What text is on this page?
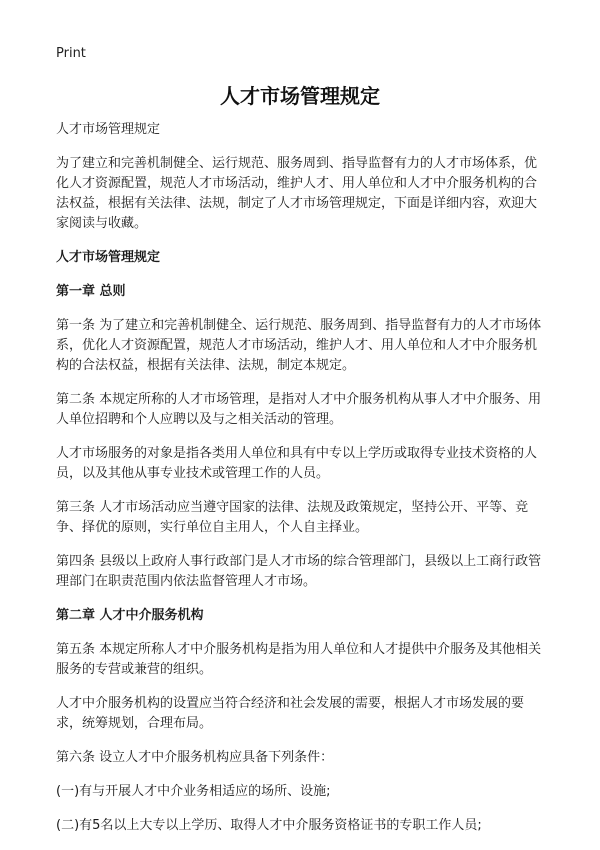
Print
人才市场管理规定

人才市场管理规定

为了建立和完善机制健全、运行规范、服务周到、指导监督有力的人才市场体系，优化人才资源配置，规范人才市场活动，维护人才、用人单位和人才中介服务机构的合法权益，根据有关法律、法规，制定了人才市场管理规定，下面是详细内容，欢迎大家阅读与收藏。

人才市场管理规定

第一章 总则

第一条 为了建立和完善机制健全、运行规范、服务周到、指导监督有力的人才市场体系，优化人才资源配置，规范人才市场活动，维护人才、用人单位和人才中介服务机构的合法权益，根据有关法律、法规，制定本规定。

第二条 本规定所称的人才市场管理，是指对人才中介服务机构从事人才中介服务、用人单位招聘和个人应聘以及与之相关活动的管理。

人才市场服务的对象是指各类用人单位和具有中专以上学历或取得专业技术资格的人员，以及其他从事专业技术或管理工作的人员。

第三条 人才市场活动应当遵守国家的法律、法规及政策规定，坚持公开、平等、竞争、择优的原则，实行单位自主用人，个人自主择业。

第四条 县级以上政府人事行政部门是人才市场的综合管理部门，县级以上工商行政管理部门在职责范围内依法监督管理人才市场。

第二章 人才中介服务机构

第五条 本规定所称人才中介服务机构是指为用人单位和人才提供中介服务及其他相关服务的专营或兼营的组织。

人才中介服务机构的设置应当符合经济和社会发展的需要，根据人才市场发展的要求，统筹规划，合理布局。

第六条 设立人才中介服务机构应具备下列条件：

(一)有与开展人才中介业务相适应的场所、设施;

(二)有5名以上大专以上学历、取得人才中介服务资格证书的专职工作人员;
